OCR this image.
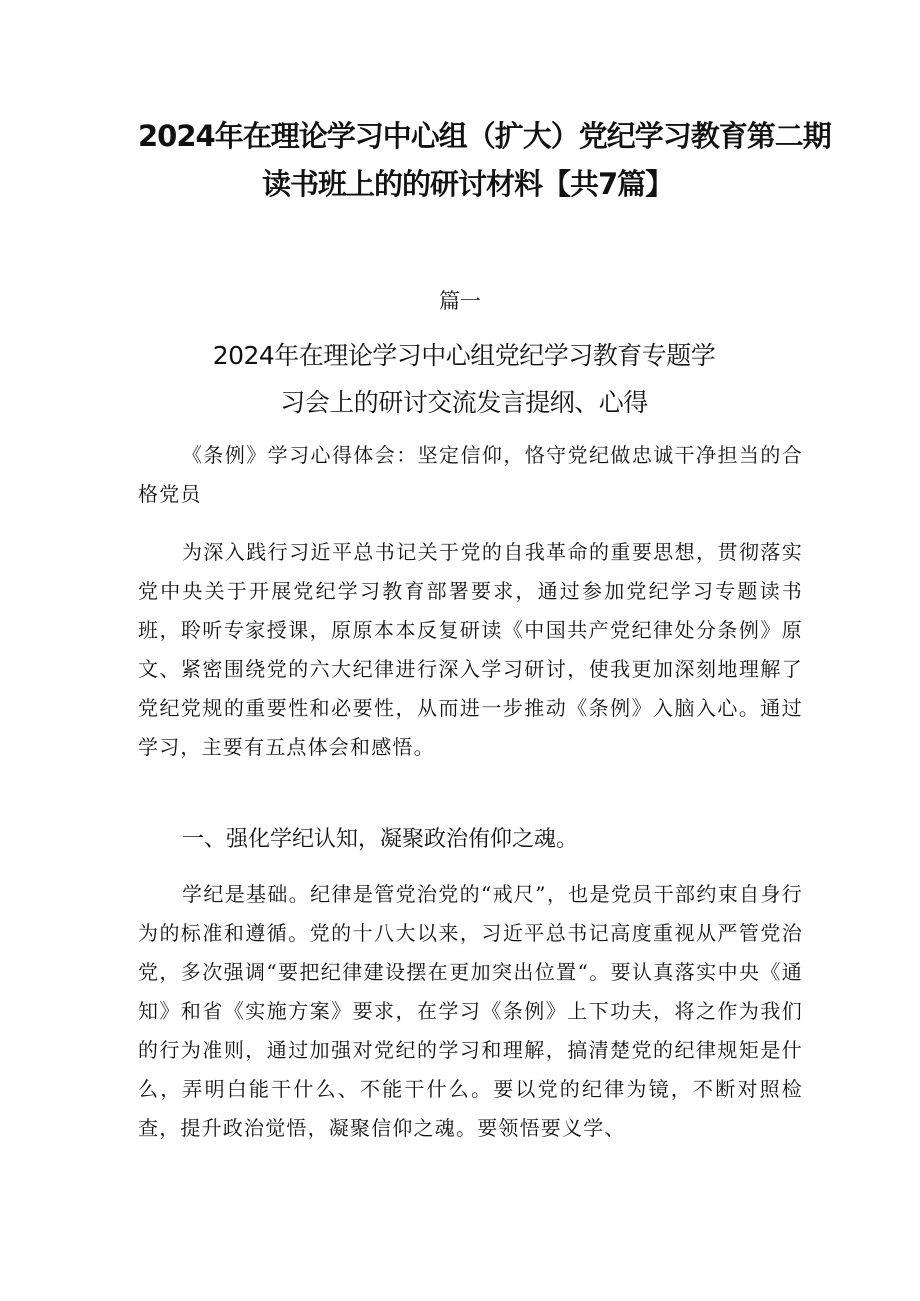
2024年在理论学习中心组（扩大）党纪学习教育第二期
读书班上的的研讨材料【共7篇】
篇一
2024年在理论学习中心组党纪学习教育专题学
习会上的研讨交流发言提纲、心得
《条例》学习心得体会：坚定信仰，恪守党纪做忠诚干净担当的合格党员
为深入践行习近平总书记关于党的自我革命的重要思想，贯彻落实党中央关于开展党纪学习教育部署要求，通过参加党纪学习专题读书班，聆听专家授课，原原本本反复研读《中国共产党纪律处分条例》原文、紧密围绕党的六大纪律进行深入学习研讨，使我更加深刻地理解了党纪党规的重要性和必要性，从而进一步推动《条例》入脑入心。通过学习，主要有五点体会和感悟。
一、强化学纪认知，凝聚政治侑仰之魂。
学纪是基础。纪律是管党治党的“戒尺”，也是党员干部约束自身行为的标准和遵循。党的十八大以来，习近平总书记高度重视从严管党治党，多次强调“要把纪律建设摆在更加突出位置“。要认真落实中央《通知》和省《实施方案》要求，在学习《条例》上下功夫，将之作为我们的行为准则，通过加强对党纪的学习和理解，搞清楚党的纪律规矩是什么，弄明白能干什么、不能干什么。要以党的纪律为镜，不断对照检查，提升政治觉悟，凝聚信仰之魂。要领悟要义学、
